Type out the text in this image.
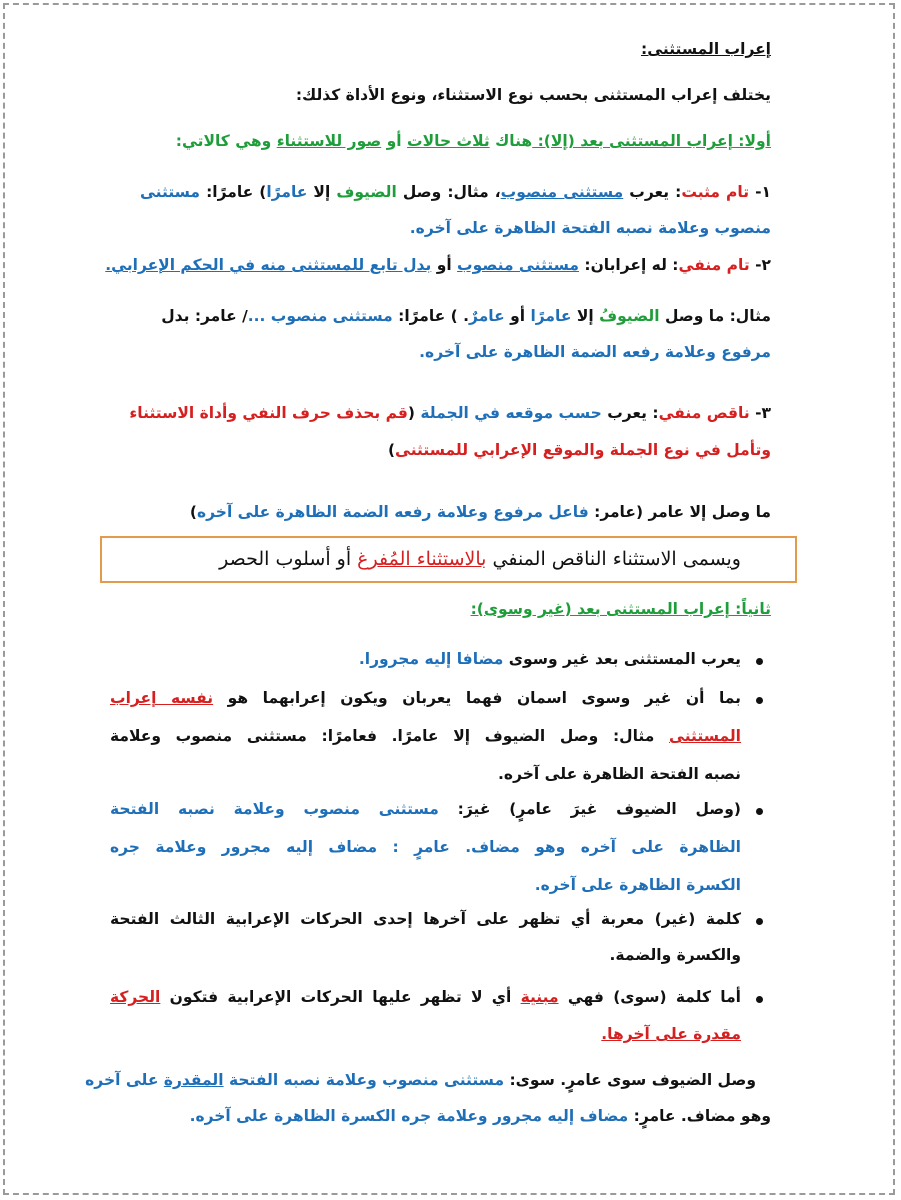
إعراب المستثنى:
يختلف إعراب المستثنى بحسب نوع الاستثناء، ونوع الأداة كذلك:
أولا: إعراب المستثنى بعد (إلا): هناك ثلاث حالات أو صور للاستثناء وهي كالاتي:
١- تام مثبت: يعرب مستثنى منصوب، مثال: وصل الضيوف إلا عامرًا) عامرًا: مستثنى
منصوب وعلامة نصبه الفتحة الظاهرة على آخره.
٢- تام منفي: له إعرابان: مستثنى منصوب أو بدل تابع للمستثنى منه في الحكم الإعرابي.
مثال: ما وصل الضيوفُ إلا عامرًا أو عامرٌ. ) عامرًا: مستثنى منصوب .../ عامر: بدل
مرفوع وعلامة رفعه الضمة الظاهرة على آخره.
٣- ناقص منفي: يعرب حسب موقعه في الجملة (قم بحذف حرف النفي وأداة الاستثناء
وتأمل في نوع الجملة والموقع الإعرابي للمستثنى)
ما وصل إلا عامر (عامر: فاعل مرفوع وعلامة رفعه الضمة الظاهرة على آخره)
ويسمى الاستثناء الناقص المنفي بالاستثناء المُفرغ أو أسلوب الحصر
ثانياً: إعراب المستثنى بعد (غير وسوى):
يعرب المستثنى بعد غير وسوى مضافا إليه مجرورا.
بما أن غير وسوى اسمان فهما يعربان ويكون إعرابهما هو نفسه إعراب
المستثنى مثال: وصل الضيوف إلا عامرًا. فعامرًا: مستثنى منصوب وعلامة
نصبه الفتحة الظاهرة على آخره.
(وصل الضيوف غيرَ عامرٍ) غيرَ: مستثنى منصوب وعلامة نصبه الفتحة
الظاهرة على آخره وهو مضاف. عامرٍ : مضاف إليه مجرور وعلامة جره
الكسرة الظاهرة على آخره.
كلمة (غير) معربة أي تظهر على آخرها إحدى الحركات الإعرابية الثالث الفتحة
والكسرة والضمة.
أما كلمة (سوى) فهي مبنية أي لا تظهر عليها الحركات الإعرابية فتكون الحركة
مقدرة على آخرها.
وصل الضيوف سوى عامرٍ. سوى: مستثنى منصوب وعلامة نصبه الفتحة المقدرة على آخره
وهو مضاف. عامرٍ: مضاف إليه مجرور وعلامة جره الكسرة الظاهرة على آخره.
